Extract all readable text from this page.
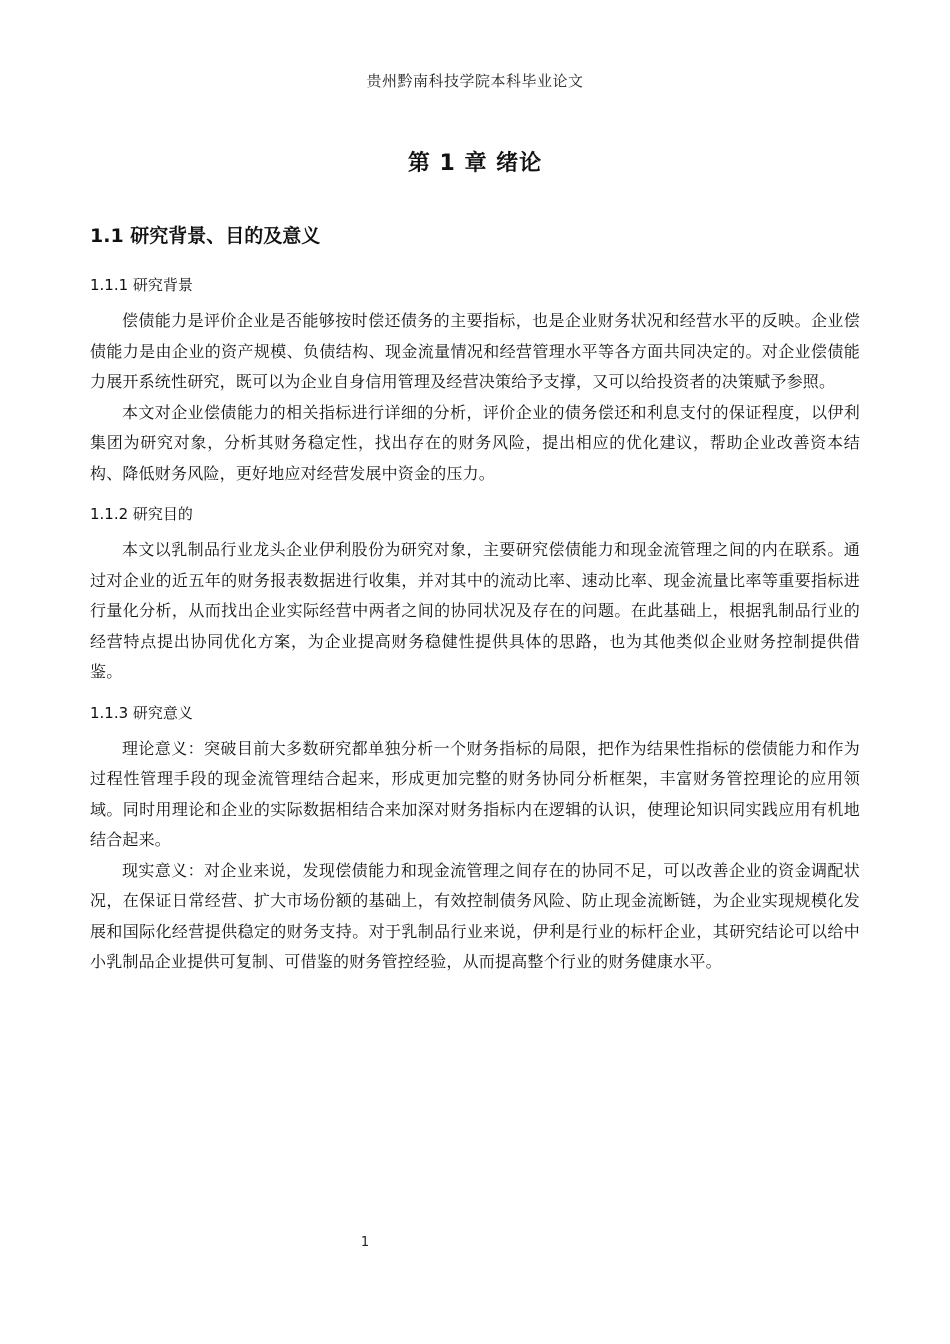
贵州黔南科技学院本科毕业论文
第 1 章 绪论
1.1 研究背景、目的及意义
1.1.1 研究背景

偿债能力是评价企业是否能够按时偿还债务的主要指标，也是企业财务状况和经营水平的反映。企业偿债能力是由企业的资产规模、负债结构、现金流量情况和经营管理水平等各方面共同决定的。对企业偿债能力展开系统性研究，既可以为企业自身信用管理及经营决策给予支撑，又可以给投资者的决策赋予参照。

本文对企业偿债能力的相关指标进行详细的分析，评价企业的债务偿还和利息支付的保证程度，以伊利集团为研究对象，分析其财务稳定性，找出存在的财务风险，提出相应的优化建议，帮助企业改善资本结构、降低财务风险，更好地应对经营发展中资金的压力。

1.1.2 研究目的

本文以乳制品行业龙头企业伊利股份为研究对象，主要研究偿债能力和现金流管理之间的内在联系。通过对企业的近五年的财务报表数据进行收集，并对其中的流动比率、速动比率、现金流量比率等重要指标进行量化分析，从而找出企业实际经营中两者之间的协同状况及存在的问题。在此基础上，根据乳制品行业的经营特点提出协同优化方案，为企业提高财务稳健性提供具体的思路，也为其他类似企业财务控制提供借鉴。

1.1.3 研究意义

理论意义：突破目前大多数研究都单独分析一个财务指标的局限，把作为结果性指标的偿债能力和作为过程性管理手段的现金流管理结合起来，形成更加完整的财务协同分析框架，丰富财务管控理论的应用领域。同时用理论和企业的实际数据相结合来加深对财务指标内在逻辑的认识，使理论知识同实践应用有机地结合起来。

现实意义：对企业来说，发现偿债能力和现金流管理之间存在的协同不足，可以改善企业的资金调配状况，在保证日常经营、扩大市场份额的基础上，有效控制债务风险、防止现金流断链，为企业实现规模化发展和国际化经营提供稳定的财务支持。对于乳制品行业来说，伊利是行业的标杆企业，其研究结论可以给中小乳制品企业提供可复制、可借鉴的财务管控经验，从而提高整个行业的财务健康水平。

1
